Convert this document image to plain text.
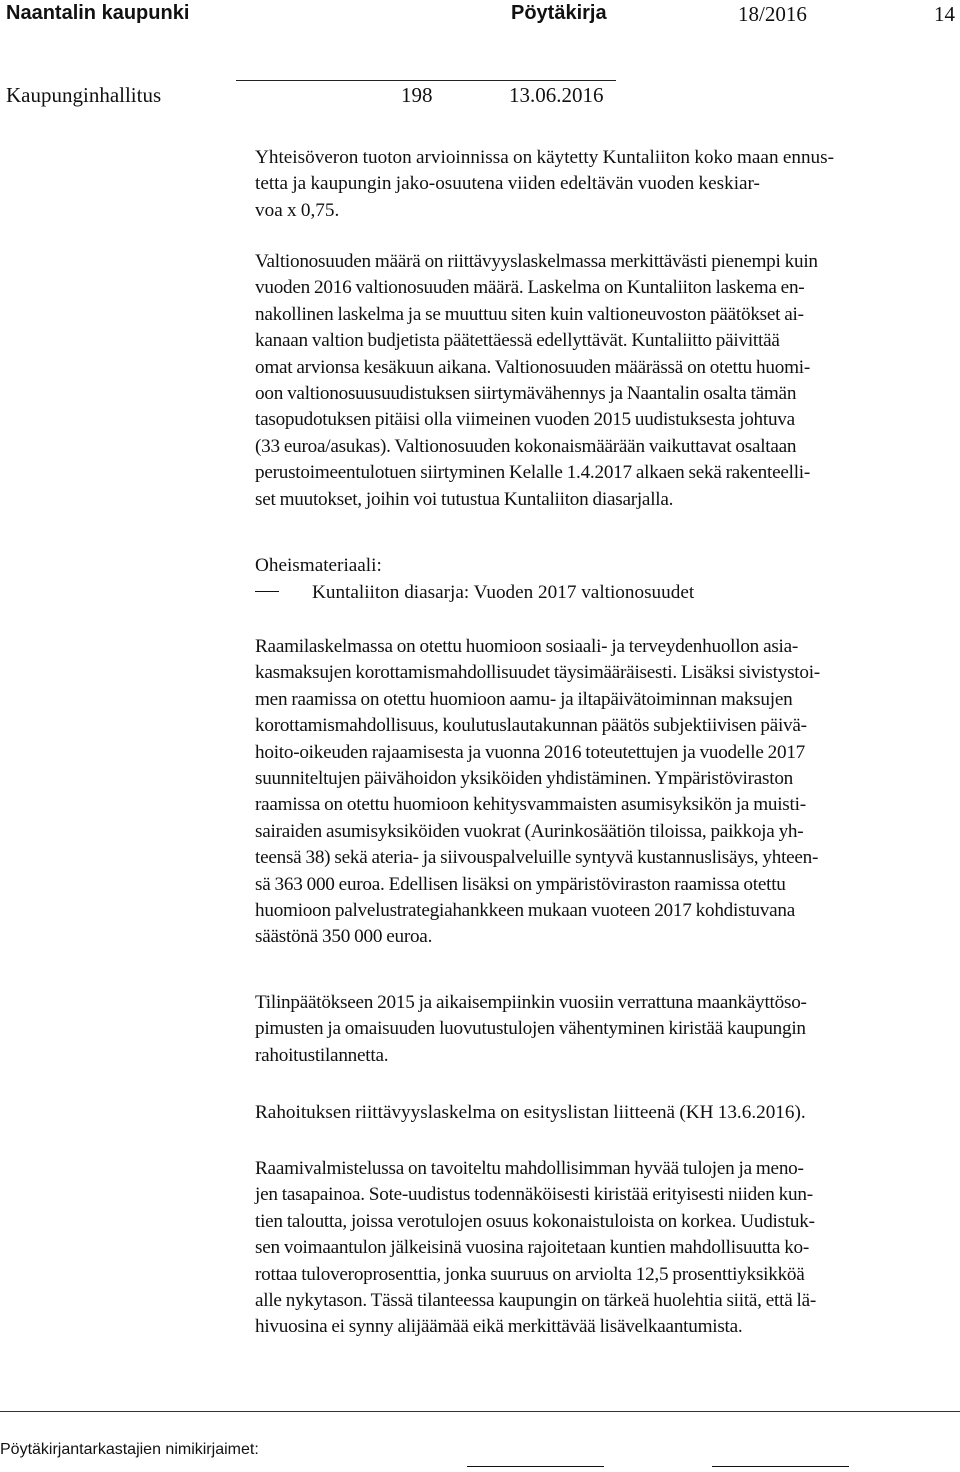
Naantalin kaupunki	Pöytäkirja	18/2016	14
Kaupunginhallitus	198	13.06.2016

Yhteisöveron tuoton arvioinnissa on käytetty Kuntaliiton koko maan ennus-
tetta ja kaupungin jako-osuutena viiden edeltävän vuoden keskiar-
voa x 0,75.

Valtionosuuden määrä on riittävyyslaskelmassa merkittävästi pienempi kuin
vuoden 2016 valtionosuuden määrä. Laskelma on Kuntaliiton laskema en-
nakollinen laskelma ja se muuttuu siten kuin valtioneuvoston päätökset ai-
kanaan valtion budjetista päätettäessä edellyttävät. Kuntaliitto päivittää
omat arvionsa kesäkuun aikana. Valtionosuuden määrässä on otettu huomi-
oon valtionosuusuudistuksen siirtymävähennys ja Naantalin osalta tämän
tasopudotuksen pitäisi olla viimeinen vuoden 2015 uudistuksesta johtuva
(33 euroa/asukas). Valtionosuuden kokonaismäärään vaikuttavat osaltaan
perustoimeentulotuen siirtyminen Kelalle 1.4.2017 alkaen sekä rakenteelli-
set muutokset, joihin voi tutustua Kuntaliiton diasarjalla.

Oheismateriaali:

Kuntaliiton diasarja: Vuoden 2017 valtionosuudet

Raamilaskelmassa on otettu huomioon sosiaali- ja terveydenhuollon asia-
kasmaksujen korottamismahdollisuudet täysimääräisesti. Lisäksi sivistystoi-
men raamissa on otettu huomioon aamu- ja iltapäivätoiminnan maksujen
korottamismahdollisuus, koulutuslautakunnan päätös subjektiivisen päivä-
hoito-oikeuden rajaamisesta ja vuonna 2016 toteutettujen ja vuodelle 2017
suunniteltujen päivähoidon yksiköiden yhdistäminen. Ympäristöviraston
raamissa on otettu huomioon kehitysvammaisten asumisyksikön ja muisti-
sairaiden asumisyksiköiden vuokrat (Aurinkosäätiön tiloissa, paikkoja yh-
teensä 38) sekä ateria- ja siivouspalveluille syntyvä kustannuslisäys, yhteen-
sä 363 000 euroa. Edellisen lisäksi on ympäristöviraston raamissa otettu
huomioon palvelustrategiahankkeen mukaan vuoteen 2017 kohdistuvana
säästönä 350 000 euroa.

Tilinpäätökseen 2015 ja aikaisempiinkin vuosiin verrattuna maankäyttöso-
pimusten ja omaisuuden luovutustulojen vähentyminen kiristää kaupungin
rahoitustilannetta.

Rahoituksen riittävyyslaskelma on esityslistan liitteenä (KH 13.6.2016).

Raamivalmistelussa on tavoiteltu mahdollisimman hyvää tulojen ja meno-
jen tasapainoa. Sote-uudistus todennäköisesti kiristää erityisesti niiden kun-
tien taloutta, joissa verotulojen osuus kokonaistuloista on korkea. Uudistuk-
sen voimaantulon jälkeisinä vuosina rajoitetaan kuntien mahdollisuutta ko-
rottaa tuloveroprosenttia, jonka suuruus on arviolta 12,5 prosenttiyksikköä
alle nykytason. Tässä tilanteessa kaupungin on tärkeä huolehtia siitä, että lä-
hivuosina ei synny alijäämää eikä merkittävää lisävelkaantumista.

Pöytäkirjantarkastajien nimikirjaimet:
